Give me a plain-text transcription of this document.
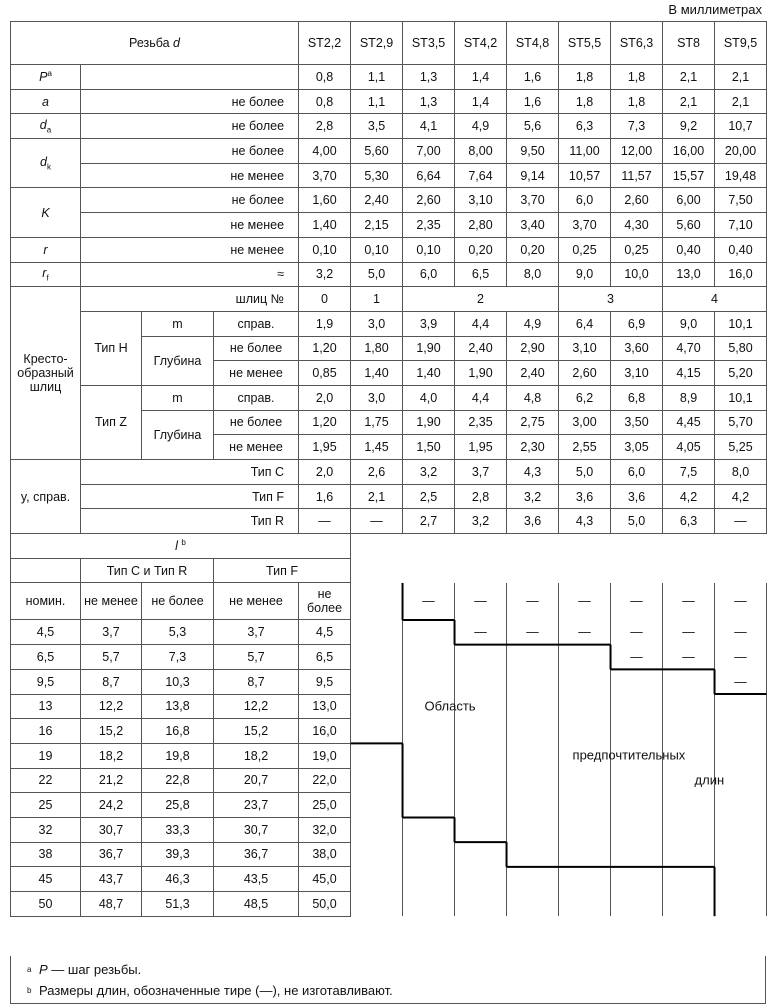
В миллиметрах
Резьба d				ST2,2	ST2,9	ST3,5	ST4,2	ST4,8	ST5,5	ST6,3	ST8	ST9,5	
$P^a$				0,8	1,1	1,3	1,4	1,6	1,8	1,8	2,1	2,1	
a	не более			0,8	1,1	1,3	1,4	1,6	1,8	1,8	2,1	2,1	
$d_a$	не более			2,8	3,5	4,1	4,9	5,6	6,3	7,3	9,2	10,7	
$d_k$	не более			4,00	5,60	7,00	8,00	9,50	11,00	12,00	16,00	20,00	
	не менее			3,70	5,30	6,64	7,64	9,14	10,57	11,57	15,57	19,48	
K	не более			1,60	2,40	2,60	3,10	3,70	6,0	2,60	6,00	7,50	
	не менее			1,40	2,15	2,35	2,80	3,40	3,70	4,30	5,60	7,10	
r	не менее			0,10	0,10	0,10	0,20	0,20	0,25	0,25	0,40	0,40	
$r_f$	≈			3,2	5,0	6,0	6,5	8,0	9,0	10,0	13,0	16,0	
Кресто-образный шлиц	шлиц №			0	1	2			3		4		
	Тип H	m	справ.	1,9	3,0	3,9	4,4	4,9	6,4	6,9	9,0	10,1	
		Глубина	не более	1,20	1,80	1,90	2,40	2,90	3,10	3,60	4,70	5,80	
			не менее	0,85	1,40	1,40	1,90	2,40	2,60	3,10	4,15	5,20	
	Тип Z	m	справ.	2,0	3,0	4,0	4,4	4,8	6,2	6,8	8,9	10,1	
		Глубина	не более	1,20	1,75	1,90	2,35	2,75	3,00	3,50	4,45	5,70	
			не менее	1,95	1,45	1,50	1,95	2,30	2,55	3,05	4,05	5,25	
y, справ.	Тип C			2,0	2,6	3,2	3,7	4,3	5,0	6,0	7,5	8,0	
	Тип F			1,6	2,1	2,5	2,8	3,2	3,6	3,6	4,2	4,2	
	Тип R			—	—	2,7	3,2	3,6	4,3	5,0	6,3	—	
l $^b$	
	Тип C и Тип R		Тип F										
номин.	не менее	не более	не менее	не более		—	—	—	—	—	—	—	
4,5	3,7	5,3	3,7	4,5			—	—	—	—	—	—	
6,5	5,7	7,3	5,7	6,5						—	—	—	
9,5	8,7	10,3	8,7	9,5								—	
13	12,2	13,8	12,2	13,0									
16	15,2	16,8	15,2	16,0									
19	18,2	19,8	18,2	19,0									
22	21,2	22,8	20,7	22,0									
25	24,2	25,8	23,7	25,0									
32	30,7	33,3	30,7	32,0									
38	36,7	39,3	36,7	38,0									
45	43,7	46,3	43,5	45,0									
50	48,7	51,3	48,5	50,0									
$^a$ P — шаг резьбы.
$^b$ Размеры длин, обозначенные тире (—), не изготавливают.
Область
предпочтительных
длин
